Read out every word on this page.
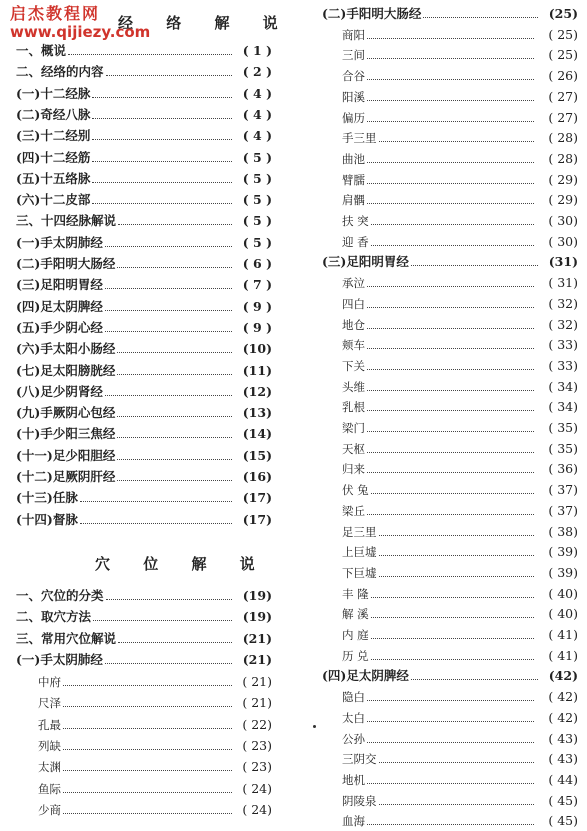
启杰教程网
www.qijiezy.com
经 络 解 说
穴 位 解 说
一、概说	( 1 )
二、经络的内容	( 2 )
(一)十二经脉	( 4 )
(二)奇经八脉	( 4 )
(三)十二经别	( 4 )
(四)十二经筋	( 5 )
(五)十五络脉	( 5 )
(六)十二皮部	( 5 )
三、十四经脉解说	( 5 )
(一)手太阴肺经	( 5 )
(二)手阳明大肠经	( 6 )
(三)足阳明胃经	( 7 )
(四)足太阴脾经	( 9 )
(五)手少阴心经	( 9 )
(六)手太阳小肠经	(10)
(七)足太阳膀胱经	(11)
(八)足少阴肾经	(12)
(九)手厥阴心包经	(13)
(十)手少阳三焦经	(14)
(十一)足少阳胆经	(15)
(十二)足厥阴肝经	(16)
(十三)任脉	(17)
(十四)督脉	(17)
一、穴位的分类	(19)
二、取穴方法	(19)
三、常用穴位解说	(21)
(一)手太阴肺经	(21)
中府	( 21)
尺泽	( 21)
孔最	( 22)
列缺	( 23)
太渊	( 23)
鱼际	( 24)
少商	( 24)
(二)手阳明大肠经	(25)
商阳	( 25)
三间	( 25)
合谷	( 26)
阳溪	( 27)
偏历	( 27)
手三里	( 28)
曲池	( 28)
臂臑	( 29)
肩髃	( 29)
扶 突	( 30)
迎 香	( 30)
(三)足阳明胃经	(31)
承泣	( 31)
四白	( 32)
地仓	( 32)
颊车	( 33)
下关	( 33)
头维	( 34)
乳根	( 34)
梁门	( 35)
天枢	( 35)
归来	( 36)
伏 兔	( 37)
梁丘	( 37)
足三里	( 38)
上巨墟	( 39)
下巨墟	( 39)
丰 隆	( 40)
解 溪	( 40)
内 庭	( 41)
历 兑	( 41)
(四)足太阴脾经	(42)
隐白	( 42)
太白	( 42)
公孙	( 43)
三阴交	( 43)
地机	( 44)
阴陵泉	( 45)
血海	( 45)
